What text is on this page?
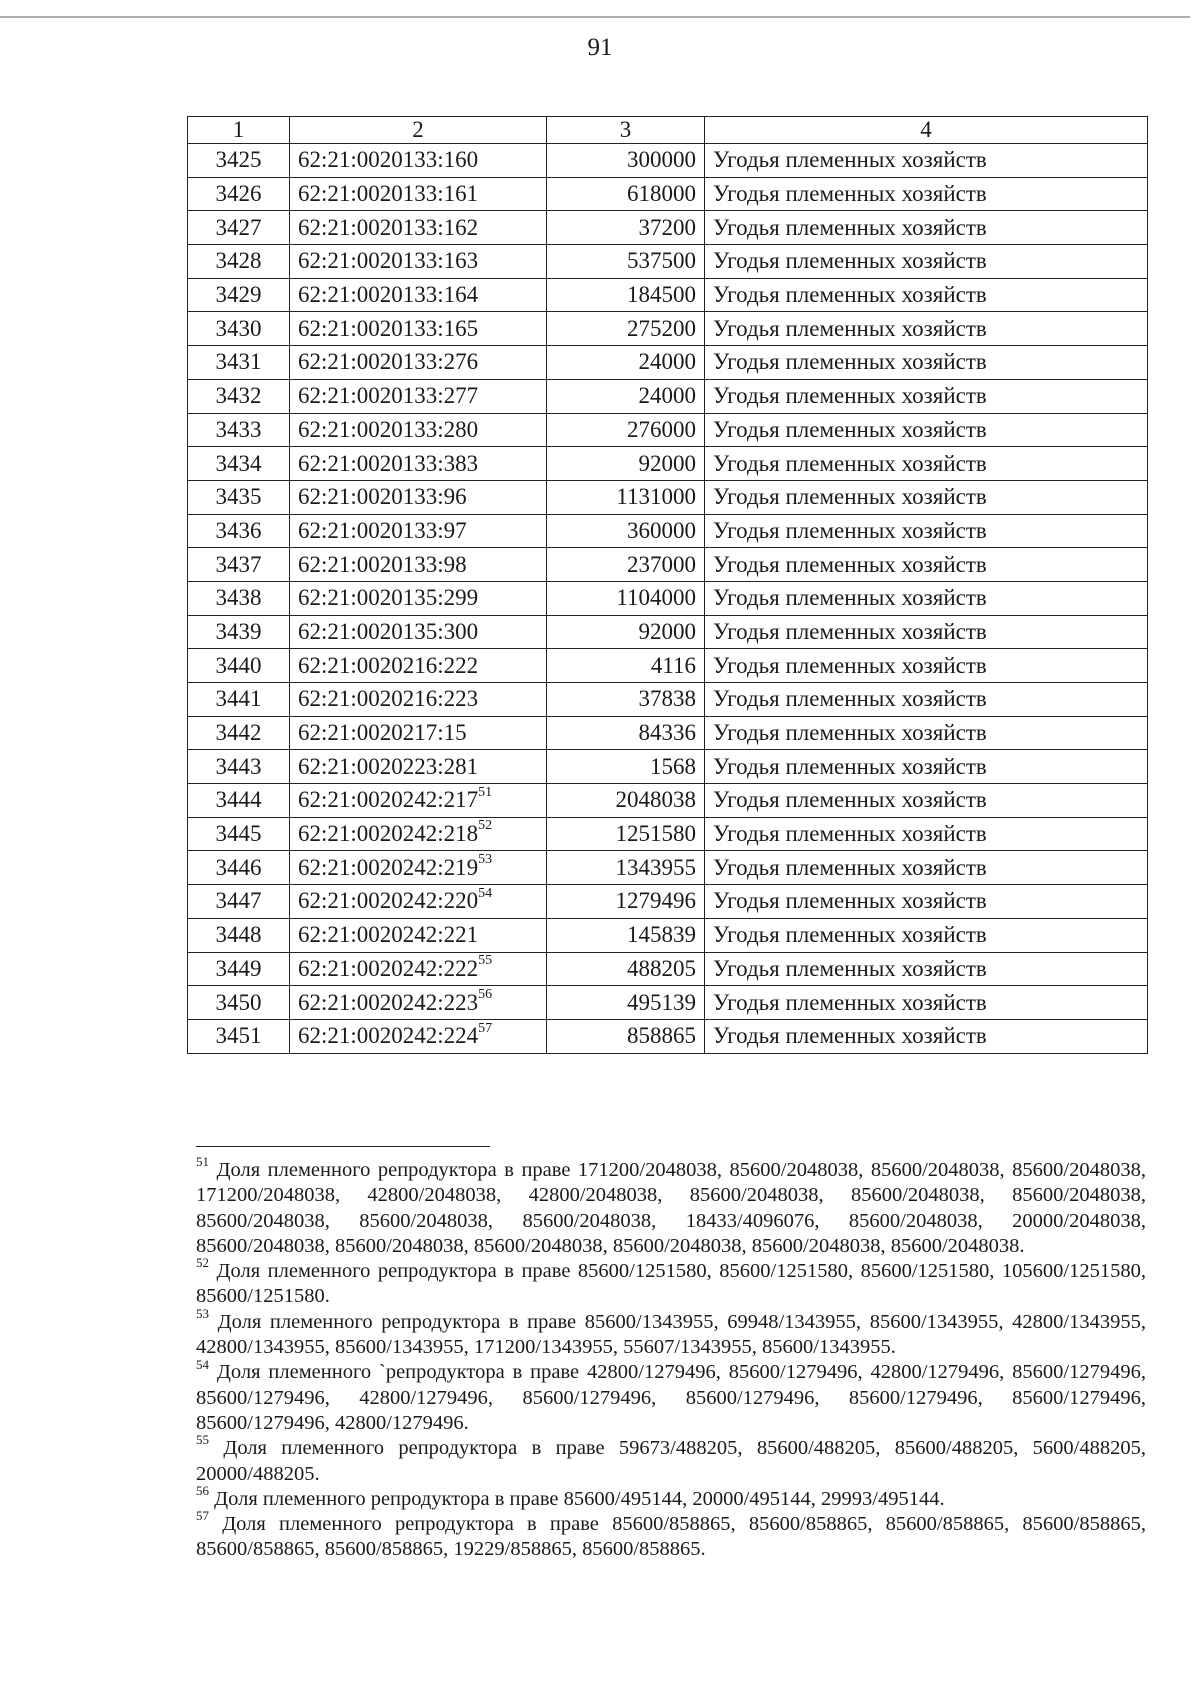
91
1	2	3	4
3425	62:21:0020133:160	300000	Угодья племенных хозяйств
3426	62:21:0020133:161	618000	Угодья племенных хозяйств
3427	62:21:0020133:162	37200	Угодья племенных хозяйств
3428	62:21:0020133:163	537500	Угодья племенных хозяйств
3429	62:21:0020133:164	184500	Угодья племенных хозяйств
3430	62:21:0020133:165	275200	Угодья племенных хозяйств
3431	62:21:0020133:276	24000	Угодья племенных хозяйств
3432	62:21:0020133:277	24000	Угодья племенных хозяйств
3433	62:21:0020133:280	276000	Угодья племенных хозяйств
3434	62:21:0020133:383	92000	Угодья племенных хозяйств
3435	62:21:0020133:96	1131000	Угодья племенных хозяйств
3436	62:21:0020133:97	360000	Угодья племенных хозяйств
3437	62:21:0020133:98	237000	Угодья племенных хозяйств
3438	62:21:0020135:299	1104000	Угодья племенных хозяйств
3439	62:21:0020135:300	92000	Угодья племенных хозяйств
3440	62:21:0020216:222	4116	Угодья племенных хозяйств
3441	62:21:0020216:223	37838	Угодья племенных хозяйств
3442	62:21:0020217:15	84336	Угодья племенных хозяйств
3443	62:21:0020223:281	1568	Угодья племенных хозяйств
3444	$62:21:0020242:217^{51}$	2048038	Угодья племенных хозяйств
3445	$62:21:0020242:218^{52}$	1251580	Угодья племенных хозяйств
3446	$62:21:0020242:219^{53}$	1343955	Угодья племенных хозяйств
3447	$62:21:0020242:220^{54}$	1279496	Угодья племенных хозяйств
3448	62:21:0020242:221	145839	Угодья племенных хозяйств
3449	$62:21:0020242:222^{55}$	488205	Угодья племенных хозяйств
3450	$62:21:0020242:223^{56}$	495139	Угодья племенных хозяйств
3451	$62:21:0020242:224^{57}$	858865	Угодья племенных хозяйств

$^{51}$ Доля племенного репродуктора в праве 171200/2048038, 85600/2048038, 85600/2048038, 85600/2048038, 171200/2048038, 42800/2048038, 42800/2048038, 85600/2048038, 85600/2048038, 85600/2048038, 85600/2048038, 85600/2048038, 85600/2048038, 18433/4096076, 85600/2048038, 20000/2048038, 85600/2048038, 85600/2048038, 85600/2048038, 85600/2048038, 85600/2048038, 85600/2048038.

$^{52}$ Доля племенного репродуктора в праве 85600/1251580, 85600/1251580, 85600/1251580, 105600/1251580, 85600/1251580.

$^{53}$ Доля племенного репродуктора в праве 85600/1343955, 69948/1343955, 85600/1343955, 42800/1343955, 42800/1343955, 85600/1343955, 171200/1343955, 55607/1343955, 85600/1343955.

$^{54}$ Доля племенного `репродуктора в праве 42800/1279496, 85600/1279496, 42800/1279496, 85600/1279496, 85600/1279496, 42800/1279496, 85600/1279496, 85600/1279496, 85600/1279496, 85600/1279496, 85600/1279496, 42800/1279496.

$^{55}$ Доля племенного репродуктора в праве 59673/488205, 85600/488205, 85600/488205, 5600/488205, 20000/488205.

$^{56}$ Доля племенного репродуктора в праве 85600/495144, 20000/495144, 29993/495144.

$^{57}$ Доля племенного репродуктора в праве 85600/858865, 85600/858865, 85600/858865, 85600/858865, 85600/858865, 85600/858865, 19229/858865, 85600/858865.
